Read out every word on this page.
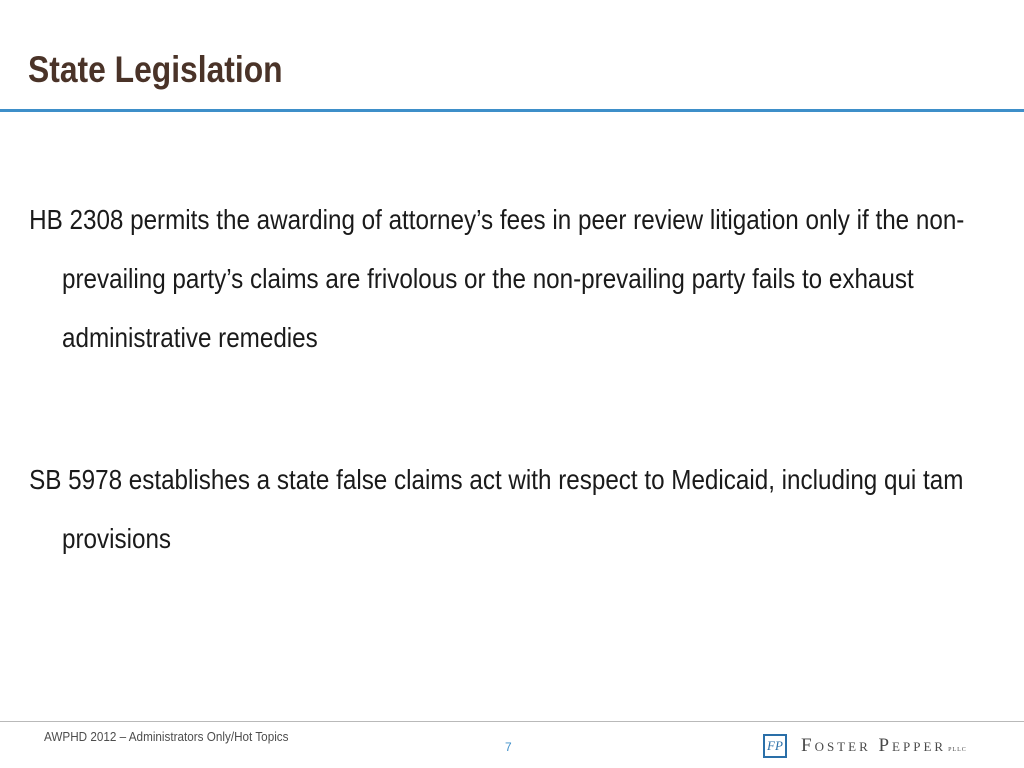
State Legislation
HB 2308 permits the awarding of attorney’s fees in peer review litigation only if the non-prevailing party’s claims are frivolous or the non-prevailing party fails to exhaust administrative remedies
SB 5978 establishes a state false claims act with respect to Medicaid, including qui tam provisions
AWPHD 2012 – Administrators Only/Hot Topics
7	FP Foster Pepper PLLC
